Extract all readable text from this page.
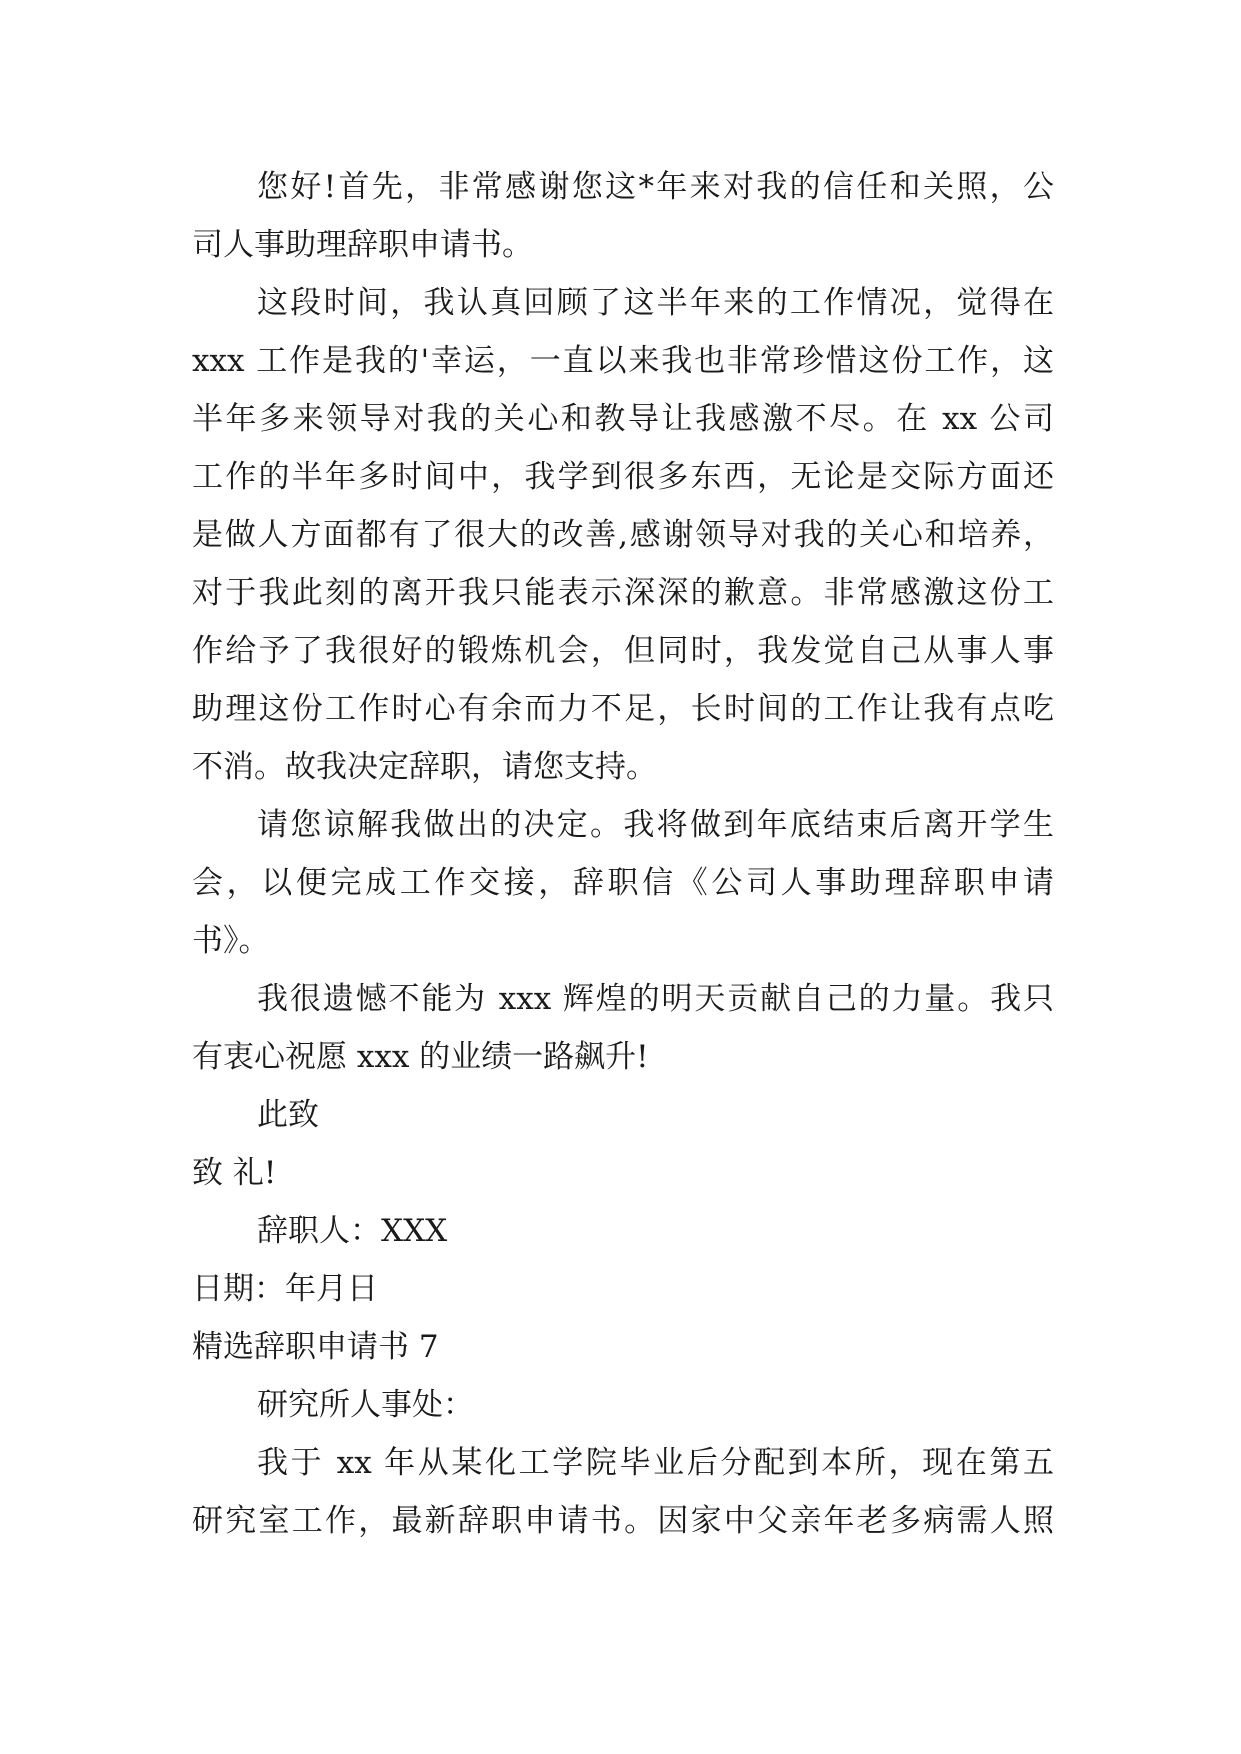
您好!首先，非常感谢您这*年来对我的信任和关照，公
司人事助理辞职申请书。
这段时间，我认真回顾了这半年来的工作情况，觉得在
xxx 工作是我的'幸运，一直以来我也非常珍惜这份工作，这
半年多来领导对我的关心和教导让我感激不尽。在 xx 公司
工作的半年多时间中，我学到很多东西，无论是交际方面还
是做人方面都有了很大的改善,感谢领导对我的关心和培养，
对于我此刻的离开我只能表示深深的歉意。非常感激这份工
作给予了我很好的锻炼机会，但同时，我发觉自己从事人事
助理这份工作时心有余而力不足，长时间的工作让我有点吃
不消。故我决定辞职，请您支持。
请您谅解我做出的决定。我将做到年底结束后离开学生
会，以便完成工作交接，辞职信《公司人事助理辞职申请
书》。
我很遗憾不能为 xxx 辉煌的明天贡献自己的力量。我只
有衷心祝愿 xxx 的业绩一路飙升!
此致
致 礼!
辞职人：XXX
日期：年月日
精选辞职申请书 7
研究所人事处：
我于 xx 年从某化工学院毕业后分配到本所，现在第五
研究室工作，最新辞职申请书。因家中父亲年老多病需人照
